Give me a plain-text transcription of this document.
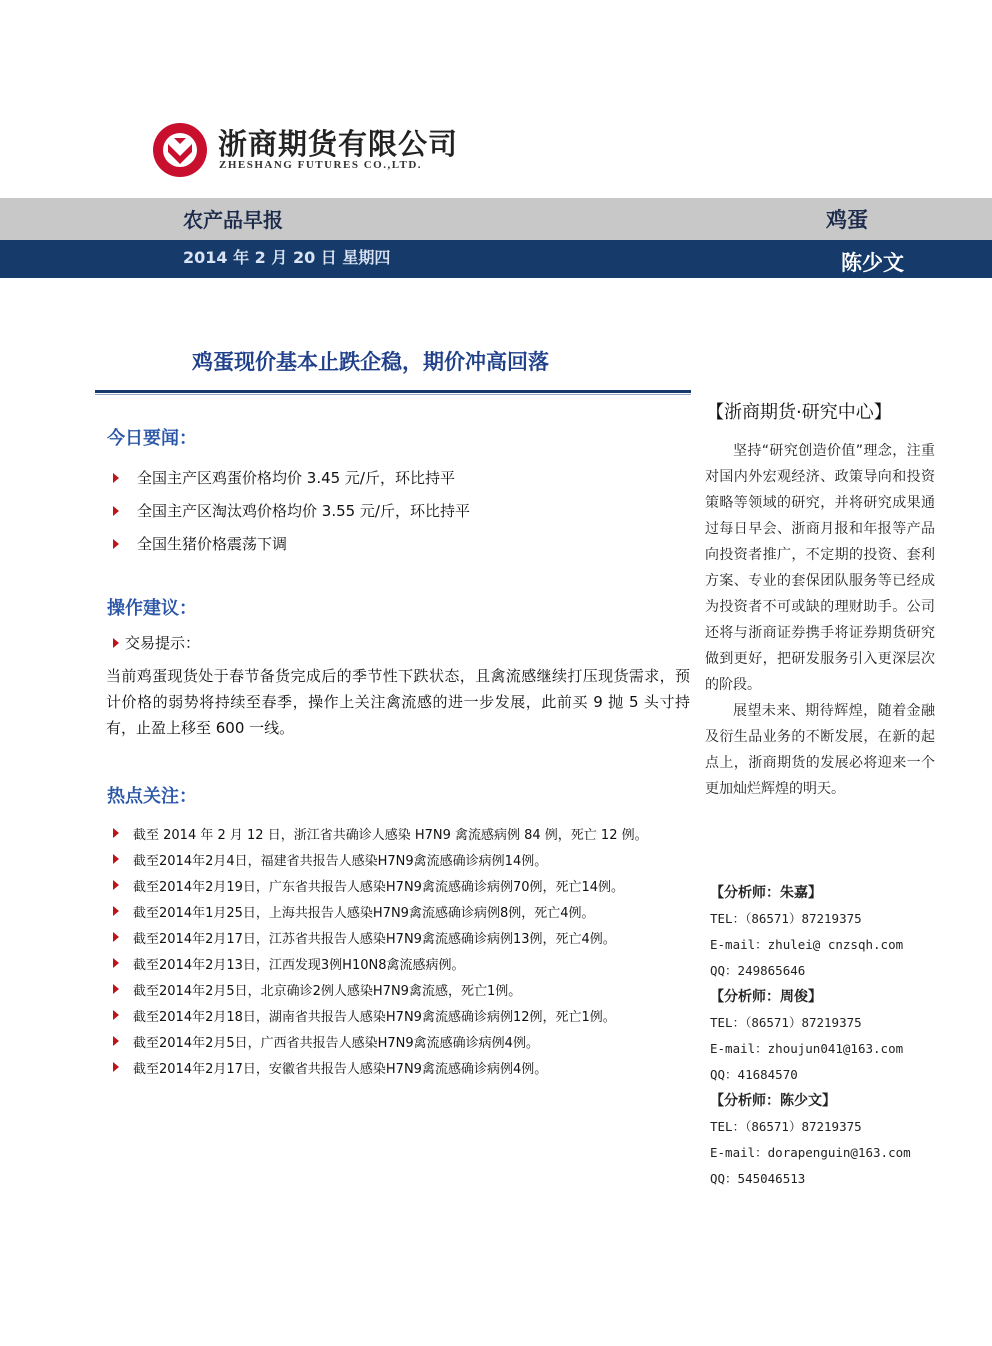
浙商期货有限公司
ZHESHANG FUTURES CO.,LTD.
农产品早报	鸡蛋
2014 年 2 月 20 日 星期四	陈少文
鸡蛋现价基本止跌企稳，期价冲高回落
今日要闻：
全国主产区鸡蛋价格均价 3.45 元/斤，环比持平
全国主产区淘汰鸡价格均价 3.55 元/斤，环比持平
全国生猪价格震荡下调
操作建议：
交易提示：
当前鸡蛋现货处于春节备货完成后的季节性下跌状态，且禽流感继续打压现货需求，预计价格的弱势将持续至春季，操作上关注禽流感的进一步发展，此前买 9 抛 5 头寸持有，止盈上移至 600 一线。
热点关注：
截至 2014 年 2 月 12 日，浙江省共确诊人感染 H7N9 禽流感病例 84 例，死亡 12 例。
截至2014年2月4日，福建省共报告人感染H7N9禽流感确诊病例14例。
截至2014年2月19日，广东省共报告人感染H7N9禽流感确诊病例70例，死亡14例。
截至2014年1月25日，上海共报告人感染H7N9禽流感确诊病例8例，死亡4例。
截至2014年2月17日，江苏省共报告人感染H7N9禽流感确诊病例13例，死亡4例。
截至2014年2月13日，江西发现3例H10N8禽流感病例。
截至2014年2月5日，北京确诊2例人感染H7N9禽流感，死亡1例。
截至2014年2月18日，湖南省共报告人感染H7N9禽流感确诊病例12例，死亡1例。
截至2014年2月5日，广西省共报告人感染H7N9禽流感确诊病例4例。
截至2014年2月17日，安徽省共报告人感染H7N9禽流感确诊病例4例。
【浙商期货·研究中心】

坚持“研究创造价值”理念，注重对国内外宏观经济、政策导向和投资策略等领域的研究，并将研究成果通过每日早会、浙商月报和年报等产品向投资者推广，不定期的投资、套利方案、专业的套保团队服务等已经成为投资者不可或缺的理财助手。公司还将与浙商证券携手将证券期货研究做到更好，把研发服务引入更深层次的阶段。

展望未来、期待辉煌，随着金融及衍生品业务的不断发展，在新的起点上，浙商期货的发展必将迎来一个更加灿烂辉煌的明天。

【分析师：朱嘉】
TEL：（86571）87219375
E-mail：zhulei@ cnzsqh.com
QQ：249865646
【分析师：周俊】
TEL：（86571）87219375
E-mail：zhoujun041@163.com
QQ：41684570
【分析师：陈少文】
TEL：（86571）87219375
E-mail：dorapenguin@163.com
QQ：545046513
